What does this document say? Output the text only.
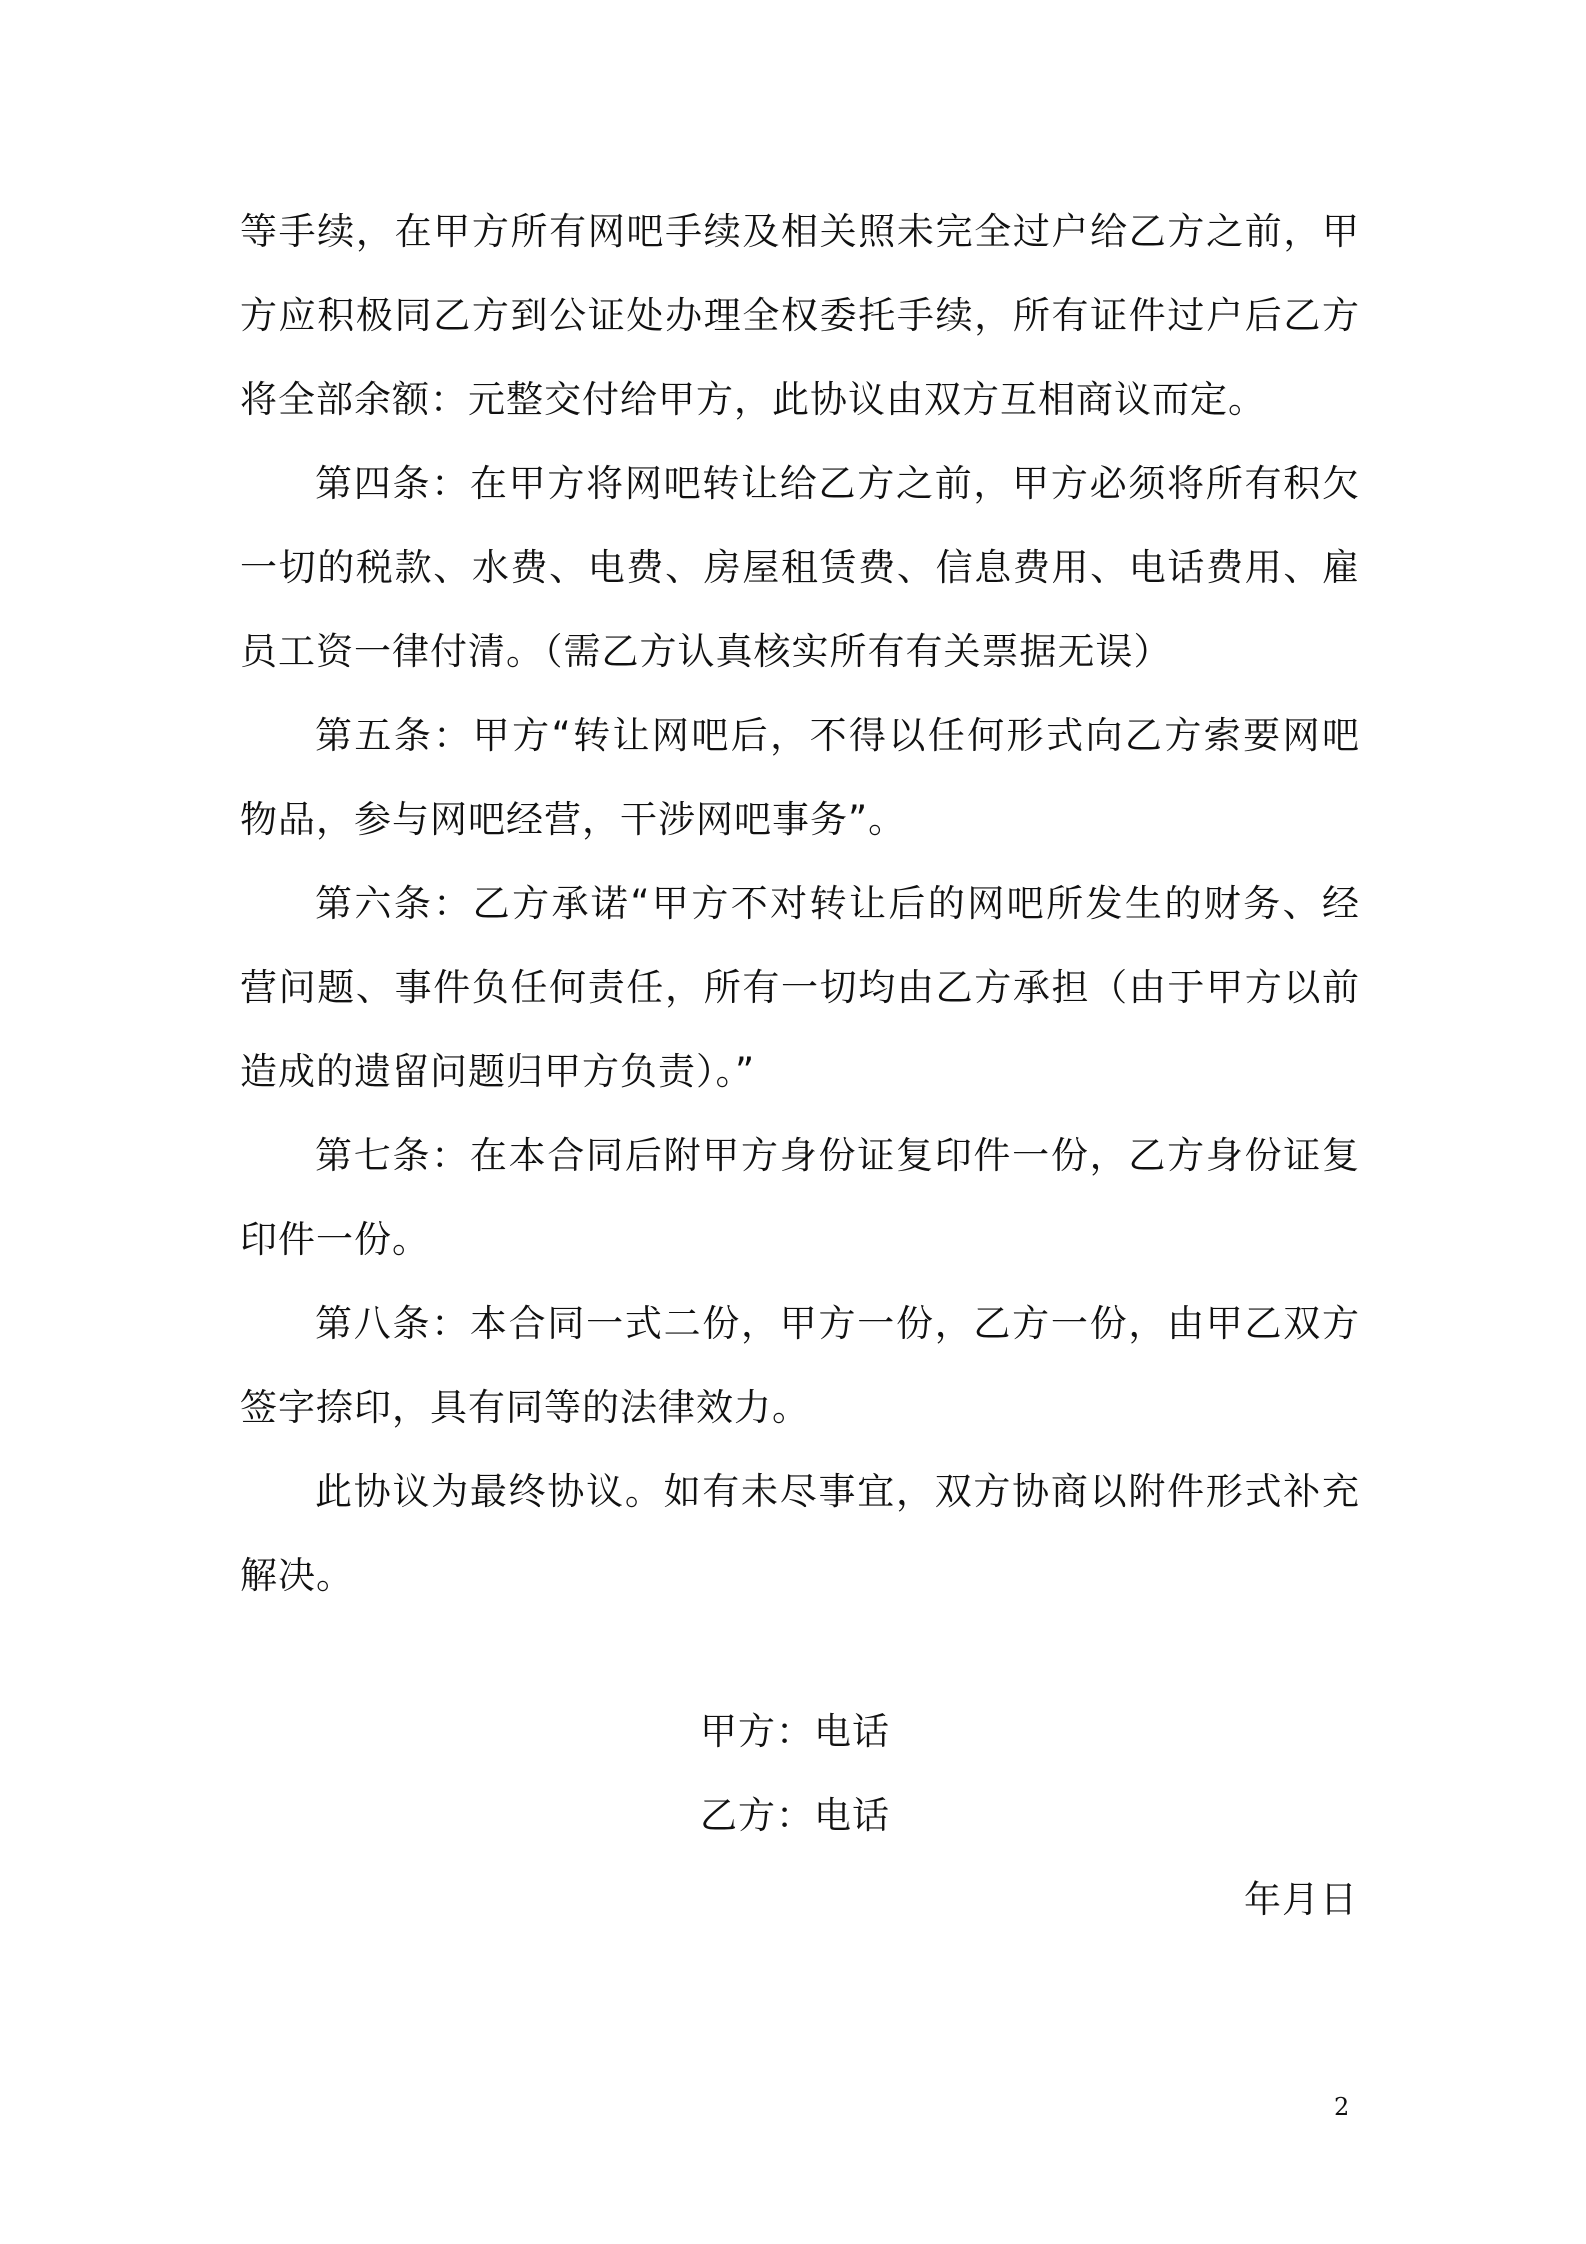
等手续，在甲方所有网吧手续及相关照未完全过户给乙方之前，甲方应积极同乙方到公证处办理全权委托手续，所有证件过户后乙方将全部余额：元整交付给甲方，此协议由双方互相商议而定。

第四条：在甲方将网吧转让给乙方之前，甲方必须将所有积欠一切的税款、水费、电费、房屋租赁费、信息费用、电话费用、雇员工资一律付清。（需乙方认真核实所有有关票据无误）

第五条：甲方“转让网吧后，不得以任何形式向乙方索要网吧物品，参与网吧经营，干涉网吧事务”。

第六条：乙方承诺“甲方不对转让后的网吧所发生的财务、经营问题、事件负任何责任，所有一切均由乙方承担（由于甲方以前造成的遗留问题归甲方负责）。”

第七条：在本合同后附甲方身份证复印件一份，乙方身份证复印件一份。

第八条：本合同一式二份，甲方一份，乙方一份，由甲乙双方签字捺印，具有同等的法律效力。

此协议为最终协议。如有未尽事宜，双方协商以附件形式补充解决。

甲方：电话
乙方：电话
年月日
2
